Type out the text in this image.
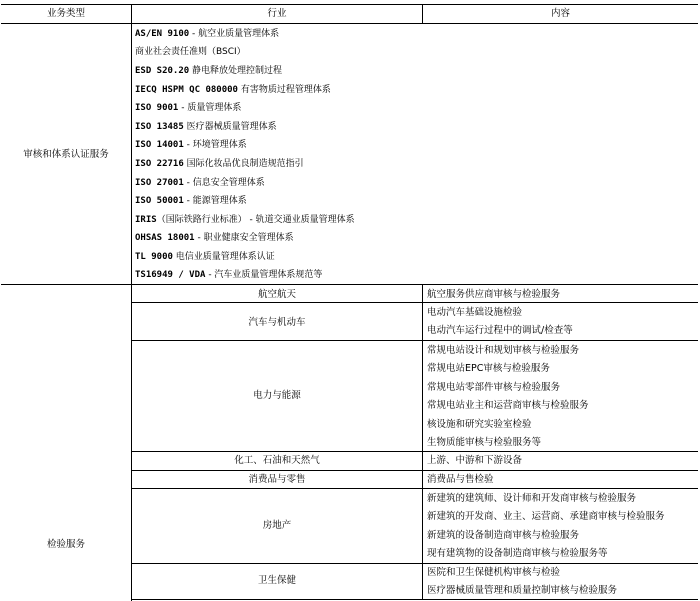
业务类型	行业	内容
审核和体系认证服务
AS/EN 9100 - 航空业质量管理体系
商业社会责任准则（BSCI）
ESD S20.20 静电释放处理控制过程
IECQ HSPM QC 080000 有害物质过程管理体系
ISO 9001 - 质量管理体系
ISO 13485 医疗器械质量管理体系
ISO 14001 - 环境管理体系
ISO 22716 国际化妆品优良制造规范指引
ISO 27001 - 信息安全管理体系
ISO 50001 - 能源管理体系
IRIS（国际铁路行业标准） - 轨道交通业质量管理体系
OHSAS 18001 - 职业健康安全管理体系
TL 9000 电信业质量管理体系认证
TS16949 / VDA - 汽车业质量管理体系规范等
检验服务
航空航天
汽车与机动车
电力与能源
化工、石油和天然气
消费品与零售
房地产
卫生保健
航空服务供应商审核与检验服务
电动汽车基础设施检验
电动汽车运行过程中的调试/检查等
常规电站设计和规划审核与检验服务
常规电站EPC审核与检验服务
常规电站零部件审核与检验服务
常规电站业主和运营商审核与检验服务
核设施和研究实验室检验
生物质能审核与检验服务等
上游、中游和下游设备
消费品与售检验
新建筑的建筑师、设计师和开发商审核与检验服务
新建筑的开发商、业主、运营商、承建商审核与检验服务
新建筑的设备制造商审核与检验服务
现有建筑物的设备制造商审核与检验服务等
医院和卫生保健机构审核与检验
医疗器械质量管理和质量控制审核与检验服务
